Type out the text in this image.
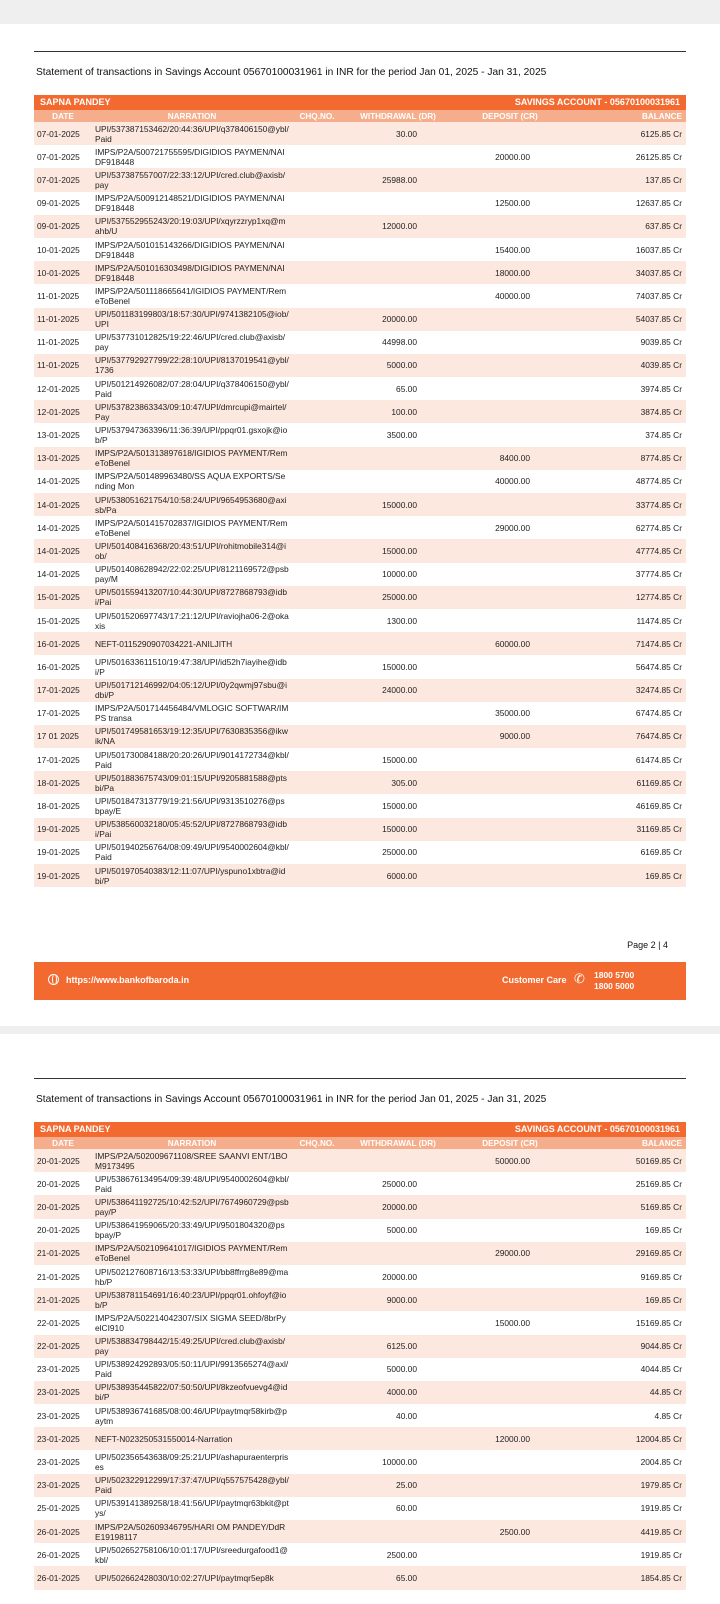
Statement of transactions in Savings Account 05670100031961 in INR for the period Jan 01, 2025 - Jan 31, 2025
SAPNA PANDEY	SAVINGS ACCOUNT - 05670100031961
DATE	NARRATION	CHQ.NO.	WITHDRAWAL (DR)	DEPOSIT (CR)	BALANCE
07-01-2025	UPI/537387153462/20:44:36/UPI/q378406150@ybl/Paid		30.00		6125.85 Cr
07-01-2025	IMPS/P2A/500721755595/DIGIDIOS PAYMEN/NAIDF918448			20000.00	26125.85 Cr
07-01-2025	UPI/537387557007/22:33:12/UPI/cred.club@axisb/pay		25988.00		137.85 Cr
09-01-2025	IMPS/P2A/500912148521/DIGIDIOS PAYMEN/NAIDF918448			12500.00	12637.85 Cr
09-01-2025	UPI/537552955243/20:19:03/UPI/xqyrzzryp1xq@mahb/U		12000.00		637.85 Cr
10-01-2025	IMPS/P2A/501015143266/DIGIDIOS PAYMEN/NAIDF918448			15400.00	16037.85 Cr
10-01-2025	IMPS/P2A/501016303498/DIGIDIOS PAYMEN/NAIDF918448			18000.00	34037.85 Cr
11-01-2025	IMPS/P2A/501118665641/IGIDIOS PAYMENT/RemeToBenel			40000.00	74037.85 Cr
11-01-2025	UPI/501183199803/18:57:30/UPI/9741382105@iob/UPI		20000.00		54037.85 Cr
11-01-2025	UPI/537731012825/19:22:46/UPI/cred.club@axisb/pay		44998.00		9039.85 Cr
11-01-2025	UPI/537792927799/22:28:10/UPI/8137019541@ybl/1736		5000.00		4039.85 Cr
12-01-2025	UPI/501214926082/07:28:04/UPI/q378406150@ybl/Paid		65.00		3974.85 Cr
12-01-2025	UPI/537823863343/09:10:47/UPI/dmrcupi@mairtel/Pay		100.00		3874.85 Cr
13-01-2025	UPI/537947363396/11:36:39/UPI/ppqr01.gsxojk@iob/P		3500.00		374.85 Cr
13-01-2025	IMPS/P2A/501313897618/IGIDIOS PAYMENT/RemeToBenel			8400.00	8774.85 Cr
14-01-2025	IMPS/P2A/501489963480/SS AQUA EXPORTS/Sending Mon			40000.00	48774.85 Cr
14-01-2025	UPI/538051621754/10:58:24/UPI/9654953680@axisb/Pa		15000.00		33774.85 Cr
14-01-2025	IMPS/P2A/501415702837/IGIDIOS PAYMENT/RemeToBenel			29000.00	62774.85 Cr
14-01-2025	UPI/501408416368/20:43:51/UPI/rohitmobile314@iob/		15000.00		47774.85 Cr
14-01-2025	UPI/501408628942/22:02:25/UPI/8121169572@psbpay/M		10000.00		37774.85 Cr
15-01-2025	UPI/501559413207/10:44:30/UPI/8727868793@idbi/Pai		25000.00		12774.85 Cr
15-01-2025	UPI/501520697743/17:21:12/UPI/raviojha06-2@okaxis		1300.00		11474.85 Cr
16-01-2025	NEFT-0115290907034221-ANILJITH			60000.00	71474.85 Cr
16-01-2025	UPI/501633611510/19:47:38/UPI/id52h7iayihe@idbi/P		15000.00		56474.85 Cr
17-01-2025	UPI/501712146992/04:05:12/UPI/0y2qwmj97sbu@idbi/P		24000.00		32474.85 Cr
17-01-2025	IMPS/P2A/501714456484/VMLOGIC SOFTWAR/IMPS transa			35000.00	67474.85 Cr
17 01 2025	UPI/501749581653/19:12:35/UPI/7630835356@ikwik/NA			9000.00	76474.85 Cr
17-01-2025	UPI/501730084188/20:20:26/UPI/9014172734@kbl/Paid		15000.00		61474.85 Cr
18-01-2025	UPI/501883675743/09:01:15/UPI/9205881588@ptsbi/Pa		305.00		61169.85 Cr
18-01-2025	UPI/501847313779/19:21:56/UPI/9313510276@psbpay/E		15000.00		46169.85 Cr
19-01-2025	UPI/538560032180/05:45:52/UPI/8727868793@idbi/Pai		15000.00		31169.85 Cr
19-01-2025	UPI/501940256764/08:09:49/UPI/9540002604@kbl/Paid		25000.00		6169.85 Cr
19-01-2025	UPI/501970540383/12:11:07/UPI/yspuno1xbtra@idbi/P		6000.00		169.85 Cr
Page 2 | 4
https://www.bankofbaroda.in	Customer Care ✆ 1800 5700
1800 5000
Statement of transactions in Savings Account 05670100031961 in INR for the period Jan 01, 2025 - Jan 31, 2025
SAPNA PANDEY	SAVINGS ACCOUNT - 05670100031961
DATE	NARRATION	CHQ.NO.	WITHDRAWAL (DR)	DEPOSIT (CR)	BALANCE
20-01-2025	IMPS/P2A/502009671108/SREE SAANVI ENT/1BOM9173495			50000.00	50169.85 Cr
20-01-2025	UPI/538676134954/09:39:48/UPI/9540002604@kbl/Paid		25000.00		25169.85 Cr
20-01-2025	UPI/538641192725/10:42:52/UPI/7674960729@psbpay/P		20000.00		5169.85 Cr
20-01-2025	UPI/538641959065/20:33:49/UPI/9501804320@psbpay/P		5000.00		169.85 Cr
21-01-2025	IMPS/P2A/502109641017/IGIDIOS PAYMENT/RemeToBenel			29000.00	29169.85 Cr
21-01-2025	UPI/502127608716/13:53:33/UPI/bb8ffrrg8e89@mahb/P		20000.00		9169.85 Cr
21-01-2025	UPI/538781154691/16:40:23/UPI/ppqr01.ohfoyf@iob/P		9000.00		169.85 Cr
22-01-2025	IMPS/P2A/502214042307/SIX SIGMA SEED/8brPyelCI910			15000.00	15169.85 Cr
22-01-2025	UPI/538834798442/15:49:25/UPI/cred.club@axisb/pay		6125.00		9044.85 Cr
23-01-2025	UPI/538924292893/05:50:11/UPI/9913565274@axl/Paid		5000.00		4044.85 Cr
23-01-2025	UPI/538935445822/07:50:50/UPI/8kzeofvuevg4@idbi/P		4000.00		44.85 Cr
23-01-2025	UPI/538936741685/08:00:46/UPI/paytmqr58kirb@paytm		40.00		4.85 Cr
23-01-2025	NEFT-N023250531550014-Narration			12000.00	12004.85 Cr
23-01-2025	UPI/502356543638/09:25:21/UPI/ashapuraenterprises		10000.00		2004.85 Cr
23-01-2025	UPI/502322912299/17:37:47/UPI/q557575428@ybl/Paid		25.00		1979.85 Cr
25-01-2025	UPI/539141389258/18:41:56/UPI/paytmqr63bkit@ptys/		60.00		1919.85 Cr
26-01-2025	IMPS/P2A/502609346795/HARI OM PANDEY/DdRE19198117			2500.00	4419.85 Cr
26-01-2025	UPI/502652758106/10:01:17/UPI/sreedurgafood1@kbl/		2500.00		1919.85 Cr
26-01-2025	UPI/502662428030/10:02:27/UPI/paytmqr5ep8k		65.00		1854.85 Cr
